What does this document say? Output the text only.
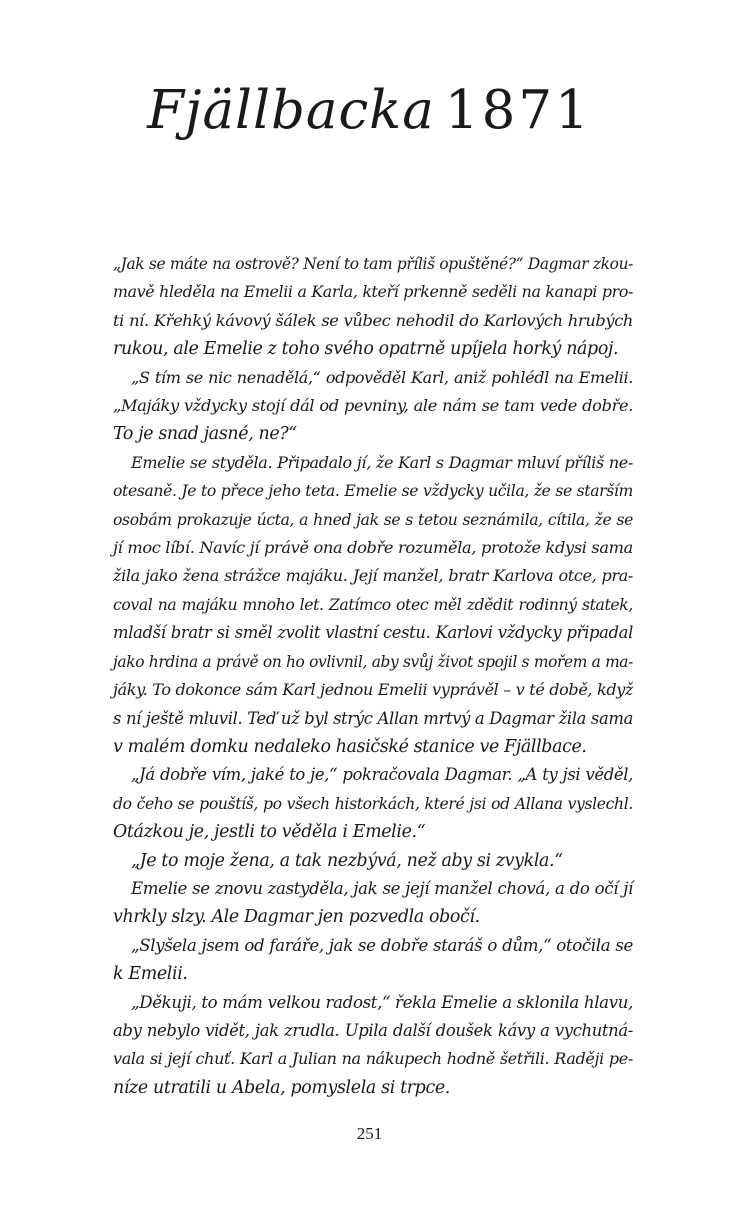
Fjällbacka 1871
„Jak se máte na ostrově? Není to tam příliš opuštěné?“ Dagmar zkou-
mavě hleděla na Emelii a Karla, kteří prkenně seděli na kanapi pro-
ti ní. Křehký kávový šálek se vůbec nehodil do Karlových hrubých
rukou, ale Emelie z toho svého opatrně upíjela horký nápoj.
„S tím se nic nenadělá,“ odpověděl Karl, aniž pohlédl na Emelii.
„Majáky vždycky stojí dál od pevniny, ale nám se tam vede dobře.
To je snad jasné, ne?“
Emelie se styděla. Připadalo jí, že Karl s Dagmar mluví příliš ne-
otesaně. Je to přece jeho teta. Emelie se vždycky učila, že se starším
osobám prokazuje úcta, a hned jak se s tetou seznámila, cítila, že se
jí moc líbí. Navíc jí právě ona dobře rozuměla, protože kdysi sama
žila jako žena strážce majáku. Její manžel, bratr Karlova otce, pra-
coval na majáku mnoho let. Zatímco otec měl zdědit rodinný statek,
mladší bratr si směl zvolit vlastní cestu. Karlovi vždycky připadal
jako hrdina a právě on ho ovlivnil, aby svůj život spojil s mořem a ma-
jáky. To dokonce sám Karl jednou Emelii vyprávěl – v té době, když
s ní ještě mluvil. Teď už byl strýc Allan mrtvý a Dagmar žila sama
v malém domku nedaleko hasičské stanice ve Fjällbace.
„Já dobře vím, jaké to je,“ pokračovala Dagmar. „A ty jsi věděl,
do čeho se pouštíš, po všech historkách, které jsi od Allana vyslechl.
Otázkou je, jestli to věděla i Emelie.“
„Je to moje žena, a tak nezbývá, než aby si zvykla.“
Emelie se znovu zastyděla, jak se její manžel chová, a do očí jí
vhrkly slzy. Ale Dagmar jen pozvedla obočí.
„Slyšela jsem od faráře, jak se dobře staráš o dům,“ otočila se
k Emelii.
„Děkuji, to mám velkou radost,“ řekla Emelie a sklonila hlavu,
aby nebylo vidět, jak zrudla. Upila další doušek kávy a vychutná-
vala si její chuť. Karl a Julian na nákupech hodně šetřili. Raději pe-
níze utratili u Abela, pomyslela si trpce.
251
